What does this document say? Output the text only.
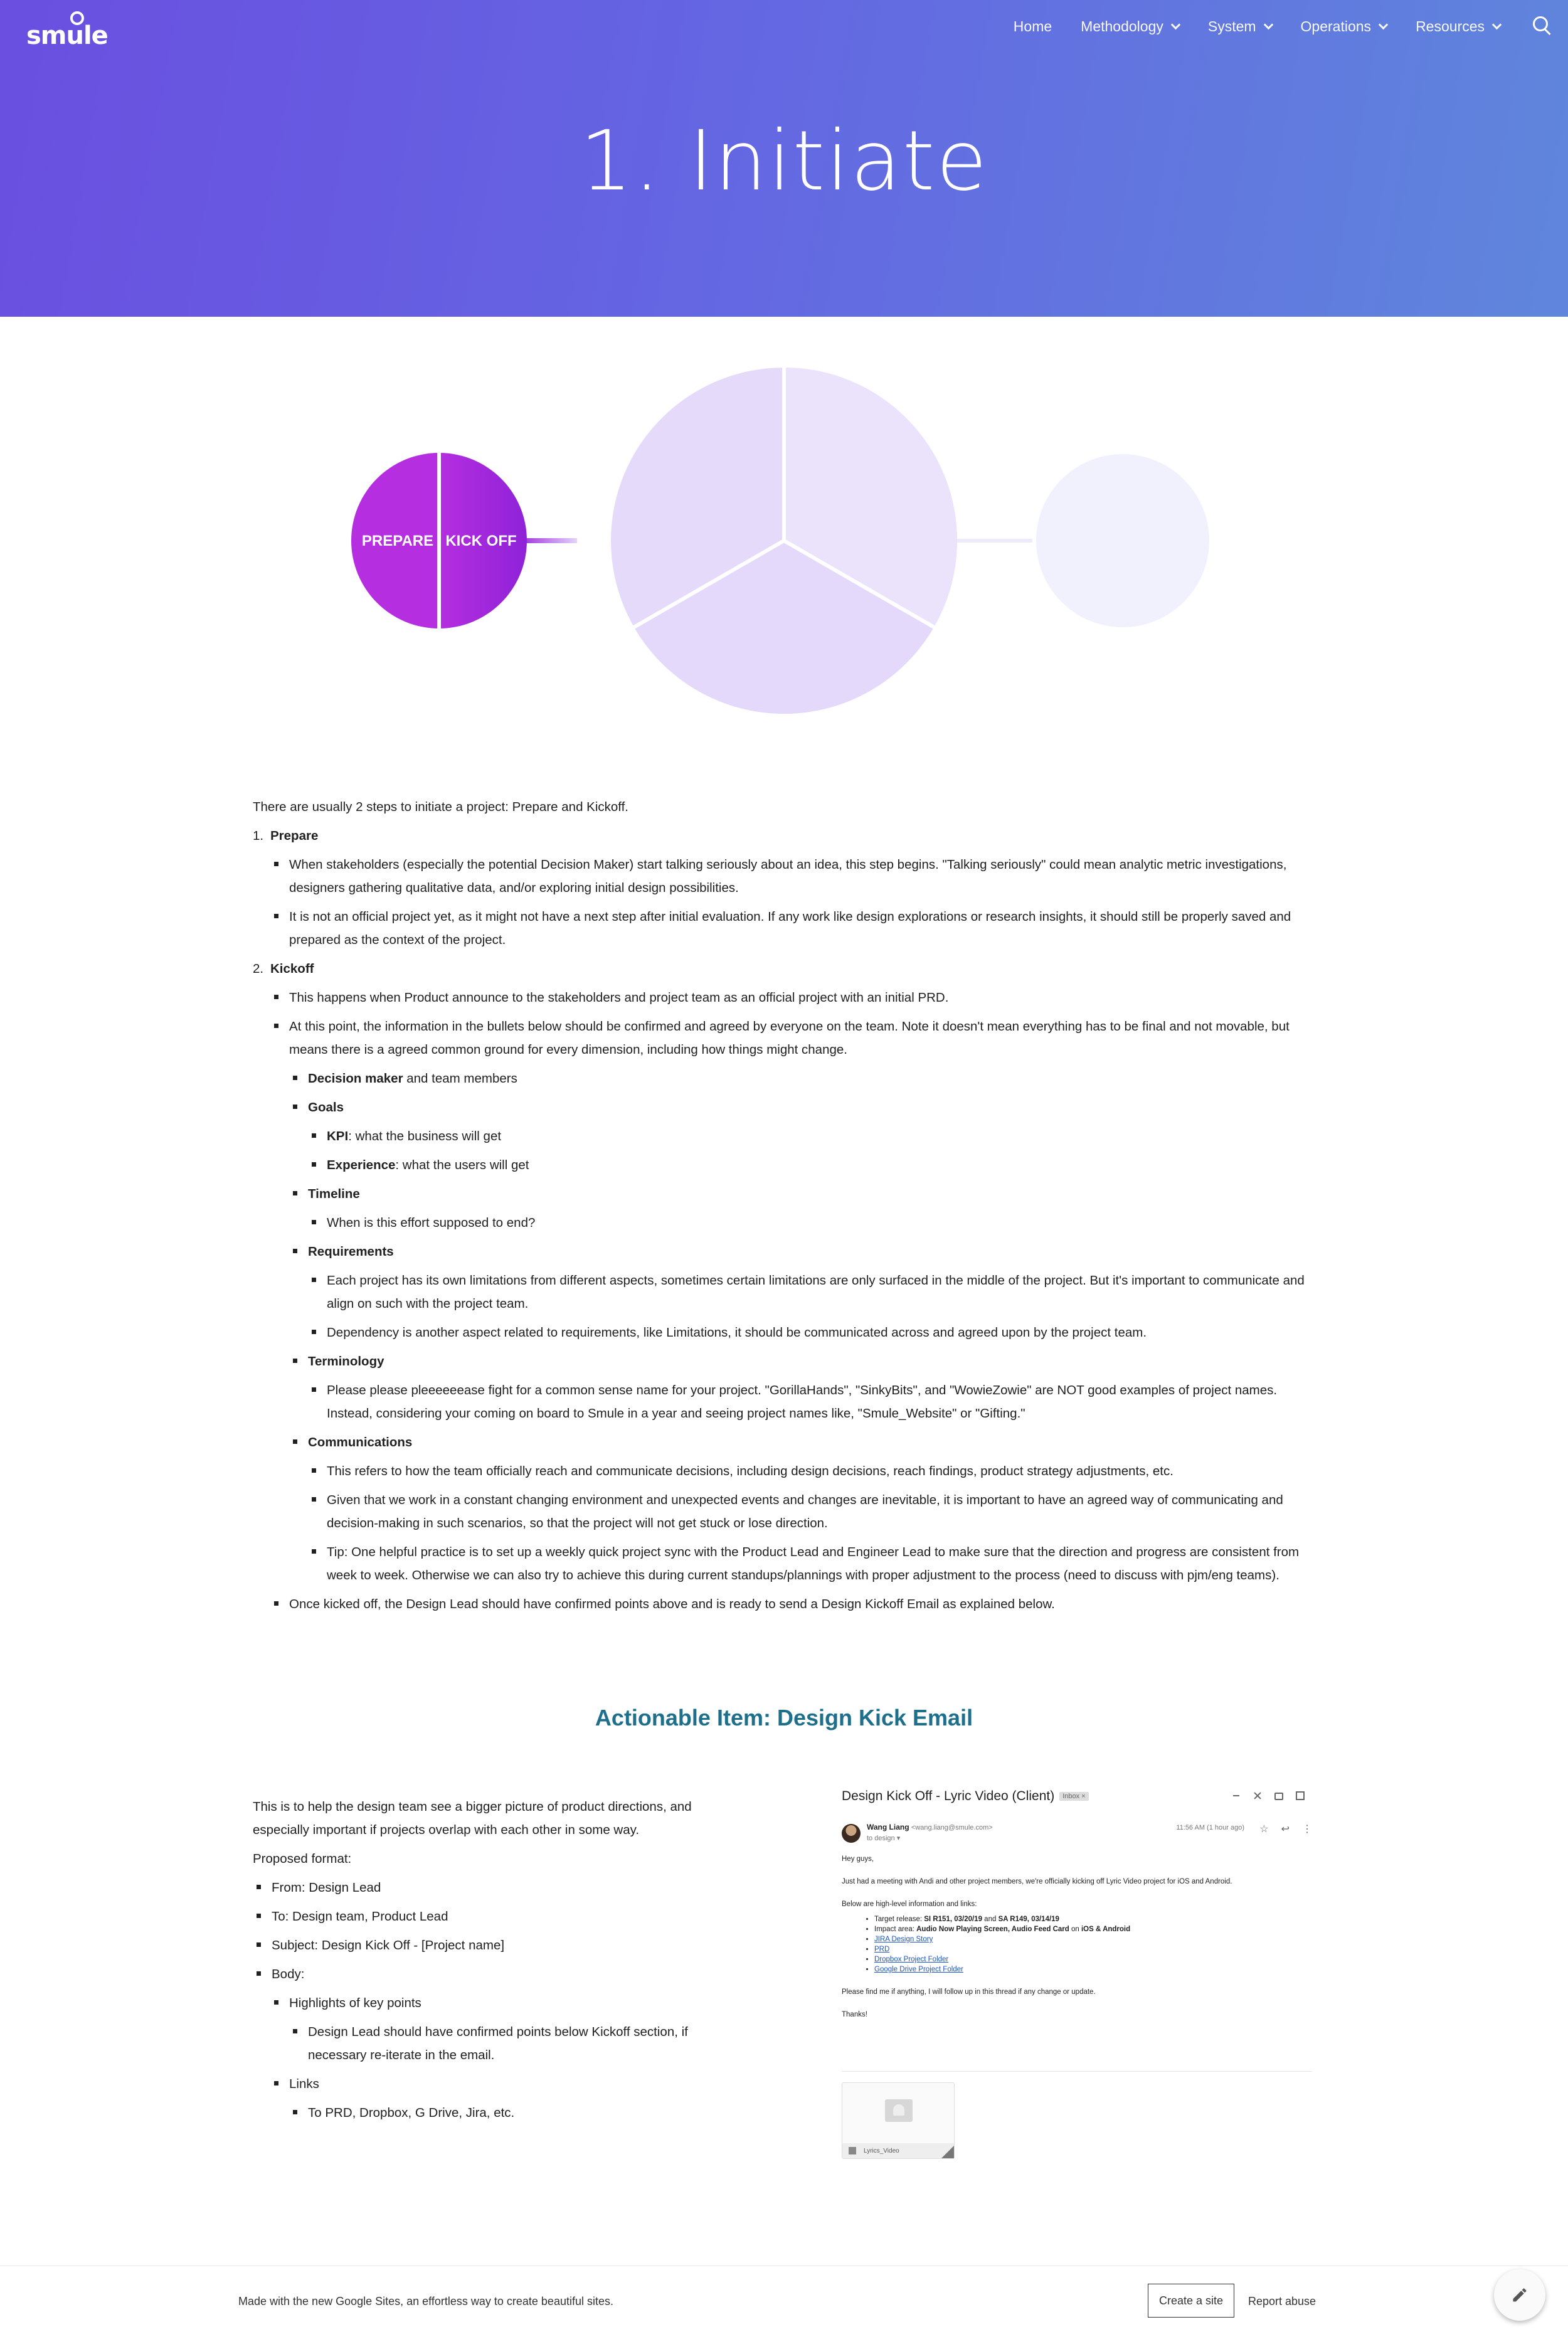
smule	Home Methodology	System	Operations	Resources
1. Initiate
PREPARE KICK OFF

There are usually 2 steps to initiate a project: Prepare and Kickoff.

1. Prepare
When stakeholders (especially the potential Decision Maker) start talking seriously about an idea, this step begins. "Talking seriously" could mean analytic metric investigations, designers gathering qualitative data, and/or exploring initial design possibilities.
It is not an official project yet, as it might not have a next step after initial evaluation. If any work like design explorations or research insights, it should still be properly saved and prepared as the context of the project.
2. Kickoff
This happens when Product announce to the stakeholders and project team as an official project with an initial PRD.
At this point, the information in the bullets below should be confirmed and agreed by everyone on the team. Note it doesn't mean everything has to be final and not movable, but means there is a agreed common ground for every dimension, including how things might change.
Decision maker and team members
Goals
KPI: what the business will get
Experience: what the users will get
Timeline
When is this effort supposed to end?
Requirements
Each project has its own limitations from different aspects, sometimes certain limitations are only surfaced in the middle of the project. But it's important to communicate and align on such with the project team.
Dependency is another aspect related to requirements, like Limitations, it should be communicated across and agreed upon by the project team.
Terminology
Please please pleeeeeease fight for a common sense name for your project. "GorillaHands", "SinkyBits", and "WowieZowie" are NOT good examples of project names. Instead, considering your coming on board to Smule in a year and seeing project names like, "Smule_Website" or "Gifting."
Communications
This refers to how the team officially reach and communicate decisions, including design decisions, reach findings, product strategy adjustments, etc.
Given that we work in a constant changing environment and unexpected events and changes are inevitable, it is important to have an agreed way of communicating and decision-making in such scenarios, so that the project will not get stuck or lose direction.
Tip: One helpful practice is to set up a weekly quick project sync with the Product Lead and Engineer Lead to make sure that the direction and progress are consistent from week to week. Otherwise we can also try to achieve this during current standups/plannings with proper adjustment to the process (need to discuss with pjm/eng teams).
Once kicked off, the Design Lead should have confirmed points above and is ready to send a Design Kickoff Email as explained below.
Actionable Item: Design Kick Email

This is to help the design team see a bigger picture of product directions, and especially important if projects overlap with each other in some way.

Proposed format:

From: Design Lead
To: Design team, Product Lead
Subject: Design Kick Off - [Project name]
Body:
Highlights of key points
Design Lead should have confirmed points below Kickoff section, if necessary re-iterate in the email.
Links
To PRD, Dropbox, G Drive, Jira, etc.
Design Kick Off - Lyric Video (Client) Inbox ×
Wang Liang <wang.liang@smule.com>
to design ▾
11:56 AM (1 hour ago) ☆ ↩ ⋮

Hey guys,

Just had a meeting with Andi and other project members, we're officially kicking off Lyric Video project for iOS and Android.

Below are high-level information and links:

• Target release: SI R151, 03/20/19 and SA R149, 03/14/19
• Impact area: Audio Now Playing Screen, Audio Feed Card on iOS & Android
• JIRA Design Story
• PRD
• Dropbox Project Folder
• Google Drive Project Folder

Please find me if anything, I will follow up in this thread if any change or update.

Thanks!

Lyrics_Video
Made with the new Google Sites, an effortless way to create beautiful sites.	Create a site	Report abuse
